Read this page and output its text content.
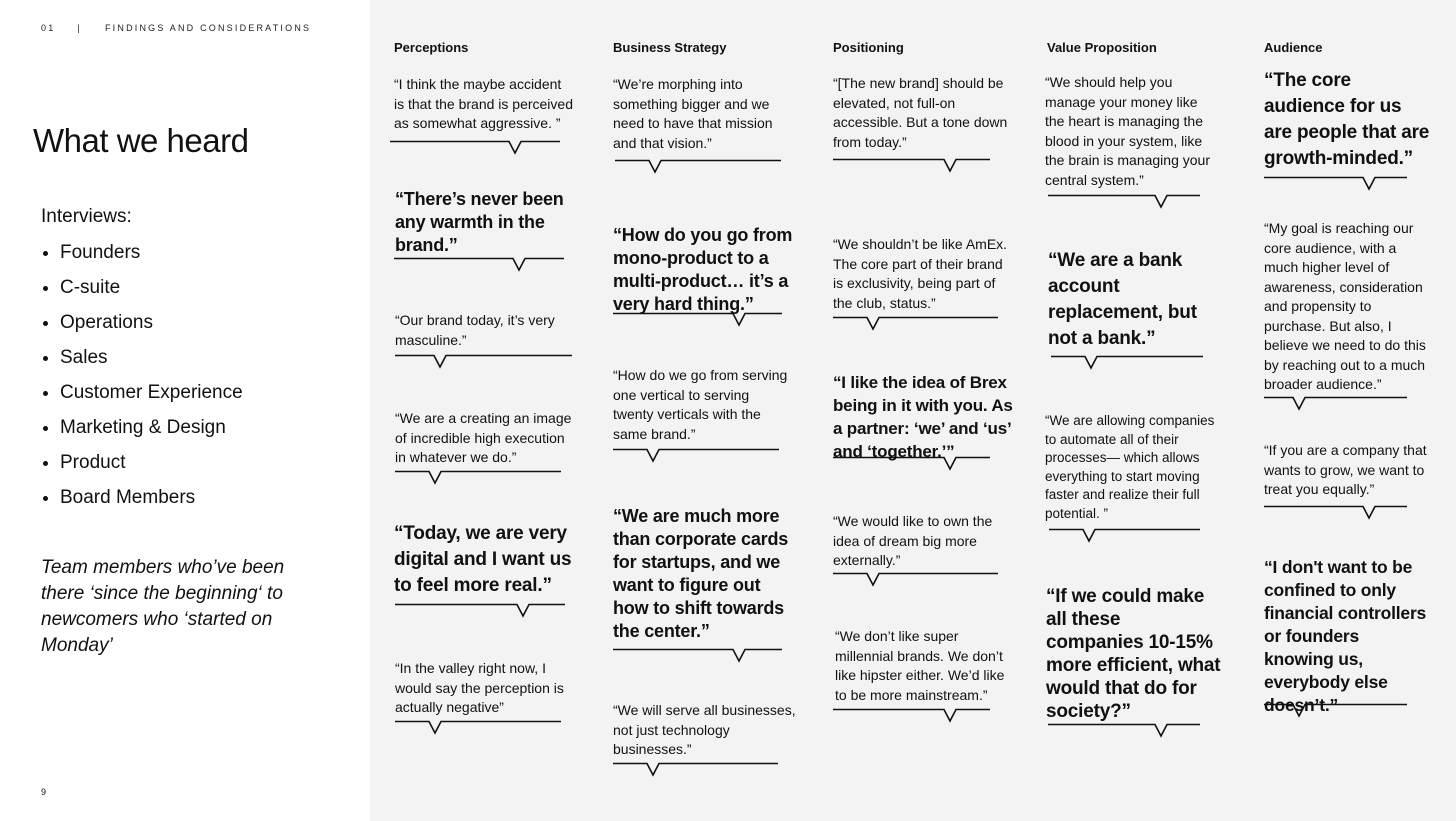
01 |	FINDINGS AND CONSIDERATIONS
What we heard
Interviews:
• Founders
• C-suite
• Operations
• Sales
• Customer Experience
• Marketing & Design
• Product
• Board Members
Team members who’ve been there ‘since the beginning‘ to newcomers who ‘started on Monday’
9
Perceptions
“I think the maybe accident is that the brand is perceived as somewhat aggressive. ”
“There’s never been any warmth in the brand.”
“Our brand today, it’s very masculine.”
“We are a creating an image of incredible high execution in whatever we do.”
“Today, we are very digital and I want us to feel more real.”
“In the valley right now, I would say the perception is actually negative”
Business Strategy
“We’re morphing into something bigger and we need to have that mission and that vision.”
“How do you go from mono-product to a multi-product… it’s a very hard thing.”
“How do we go from serving one vertical to serving twenty verticals with the same brand.”
“We are much more than corporate cards for startups, and we want to figure out how to shift towards the center.”
“We will serve all businesses, not just technology businesses.”
Positioning
“[The new brand] should be elevated, not full-on accessible. But a tone down from today.”
“We shouldn’t be like AmEx. The core part of their brand is exclusivity, being part of the club, status.”
“I like the idea of Brex being in it with you. As a partner: ‘we’ and ‘us’ and ‘together.’”
“We would like to own the idea of dream big more externally.”
“We don’t like super millennial brands. We don’t like hipster either. We’d like to be more mainstream.”
Value Proposition
“We should help you manage your money like the heart is managing the blood in your system, like the brain is managing your central system.”
“We are a bank account replacement, but not a bank.”
“We are allowing companies to automate all of their processes— which allows everything to start moving faster and realize their full potential. ”
“If we could make all these companies 10-15% more efficient, what would that do for society?”
Audience
“The core audience for us are people that are growth-minded.”
“My goal is reaching our core audience, with a much higher level of awareness, consideration and propensity to purchase. But also, I believe we need to do this by reaching out to a much broader audience.”
“If you are a company that wants to grow, we want to treat you equally.”
“I don't want to be confined to only financial controllers or founders knowing us, everybody else doesn’t.”
